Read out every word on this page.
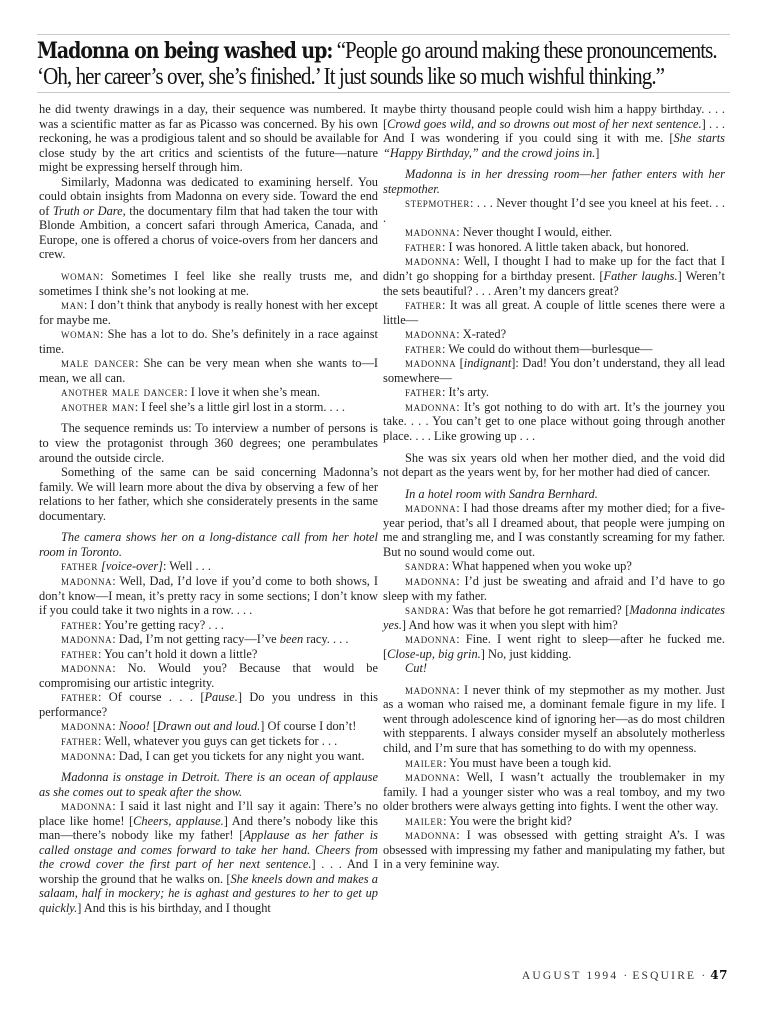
Madonna on being washed up: “People go around making these pronouncements.
‘Oh, her career’s over, she’s finished.’ It just sounds like so much wishful thinking.”

he did twenty drawings in a day, their sequence was numbered. It was a scientific matter as far as Picasso was concerned. By his own reckoning, he was a prodigious talent and so should be available for close study by the art critics and scientists of the future—nature might be expressing herself through him.

Similarly, Madonna was dedicated to examining herself. You could obtain insights from Madonna on every side. Toward the end of Truth or Dare, the documentary film that had taken the tour with Blonde Ambition, a concert safari through America, Canada, and Europe, one is offered a chorus of voice-overs from her dancers and crew.

woman: Sometimes I feel like she really trusts me, and sometimes I think she’s not looking at me.

man: I don’t think that anybody is really honest with her except for maybe me.

woman: She has a lot to do. She’s definitely in a race against time.

male dancer: She can be very mean when she wants to—I mean, we all can.

another male dancer: I love it when she’s mean.

another man: I feel she’s a little girl lost in a storm. . . .

The sequence reminds us: To interview a number of persons is to view the protagonist through 360 degrees; one perambulates around the outside circle.

Something of the same can be said concerning Madonna’s family. We will learn more about the diva by observing a few of her relations to her father, which she considerately presents in the same documentary.

The camera shows her on a long-distance call from her hotel room in Toronto.

father [voice-over]: Well . . .

madonna: Well, Dad, I’d love if you’d come to both shows, I don’t know—I mean, it’s pretty racy in some sections; I don’t know if you could take it two nights in a row. . . .

father: You’re getting racy? . . .

madonna: Dad, I’m not getting racy—I’ve been racy. . . .

father: You can’t hold it down a little?

madonna: No. Would you? Because that would be compromising our artistic integrity.

father: Of course . . . [Pause.] Do you undress in this performance?

madonna: Nooo! [Drawn out and loud.] Of course I don’t!

father: Well, whatever you guys can get tickets for . . .

madonna: Dad, I can get you tickets for any night you want.

Madonna is onstage in Detroit. There is an ocean of applause as she comes out to speak after the show.

madonna: I said it last night and I’ll say it again: There’s no place like home! [Cheers, applause.] And there’s nobody like this man—there’s nobody like my father! [Applause as her father is called onstage and comes forward to take her hand. Cheers from the crowd cover the first part of her next sentence.] . . . And I worship the ground that he walks on. [She kneels down and makes a salaam, half in mockery; he is aghast and gestures to her to get up quickly.] And this is his birthday, and I thought

maybe thirty thousand people could wish him a happy birthday. . . . [Crowd goes wild, and so drowns out most of her next sentence.] . . . And I was wondering if you could sing it with me. [She starts “Happy Birthday,” and the crowd joins in.]

Madonna is in her dressing room—her father enters with her stepmother.

stepmother: . . . Never thought I’d see you kneel at his feet. . . .

madonna: Never thought I would, either.

father: I was honored. A little taken aback, but honored.

madonna: Well, I thought I had to make up for the fact that I didn’t go shopping for a birthday present. [Father laughs.] Weren’t the sets beautiful? . . . Aren’t my dancers great?

father: It was all great. A couple of little scenes there were a little—

madonna: X-rated?

father: We could do without them—burlesque—

madonna [indignant]: Dad! You don’t understand, they all lead somewhere—

father: It’s arty.

madonna: It’s got nothing to do with art. It’s the journey you take. . . . You can’t get to one place without going through another place. . . . Like growing up . . .

She was six years old when her mother died, and the void did not depart as the years went by, for her mother had died of cancer.

In a hotel room with Sandra Bernhard.

madonna: I had those dreams after my mother died; for a five-year period, that’s all I dreamed about, that people were jumping on me and strangling me, and I was constantly screaming for my father. But no sound would come out.

sandra: What happened when you woke up?

madonna: I’d just be sweating and afraid and I’d have to go sleep with my father.

sandra: Was that before he got remarried? [Madonna indicates yes.] And how was it when you slept with him?

madonna: Fine. I went right to sleep—after he fucked me. [Close-up, big grin.] No, just kidding.

Cut!

madonna: I never think of my stepmother as my mother. Just as a woman who raised me, a dominant female figure in my life. I went through adolescence kind of ignoring her—as do most children with stepparents. I always consider myself an absolutely motherless child, and I’m sure that has something to do with my openness.

mailer: You must have been a tough kid.

madonna: Well, I wasn’t actually the troublemaker in my family. I had a younger sister who was a real tomboy, and my two older brothers were always getting into fights. I went the other way.

mailer: You were the bright kid?

madonna: I was obsessed with getting straight A’s. I was obsessed with impressing my father and manipulating my father, but in a very feminine way.

AUGUST 1994 · ESQUIRE · 47
